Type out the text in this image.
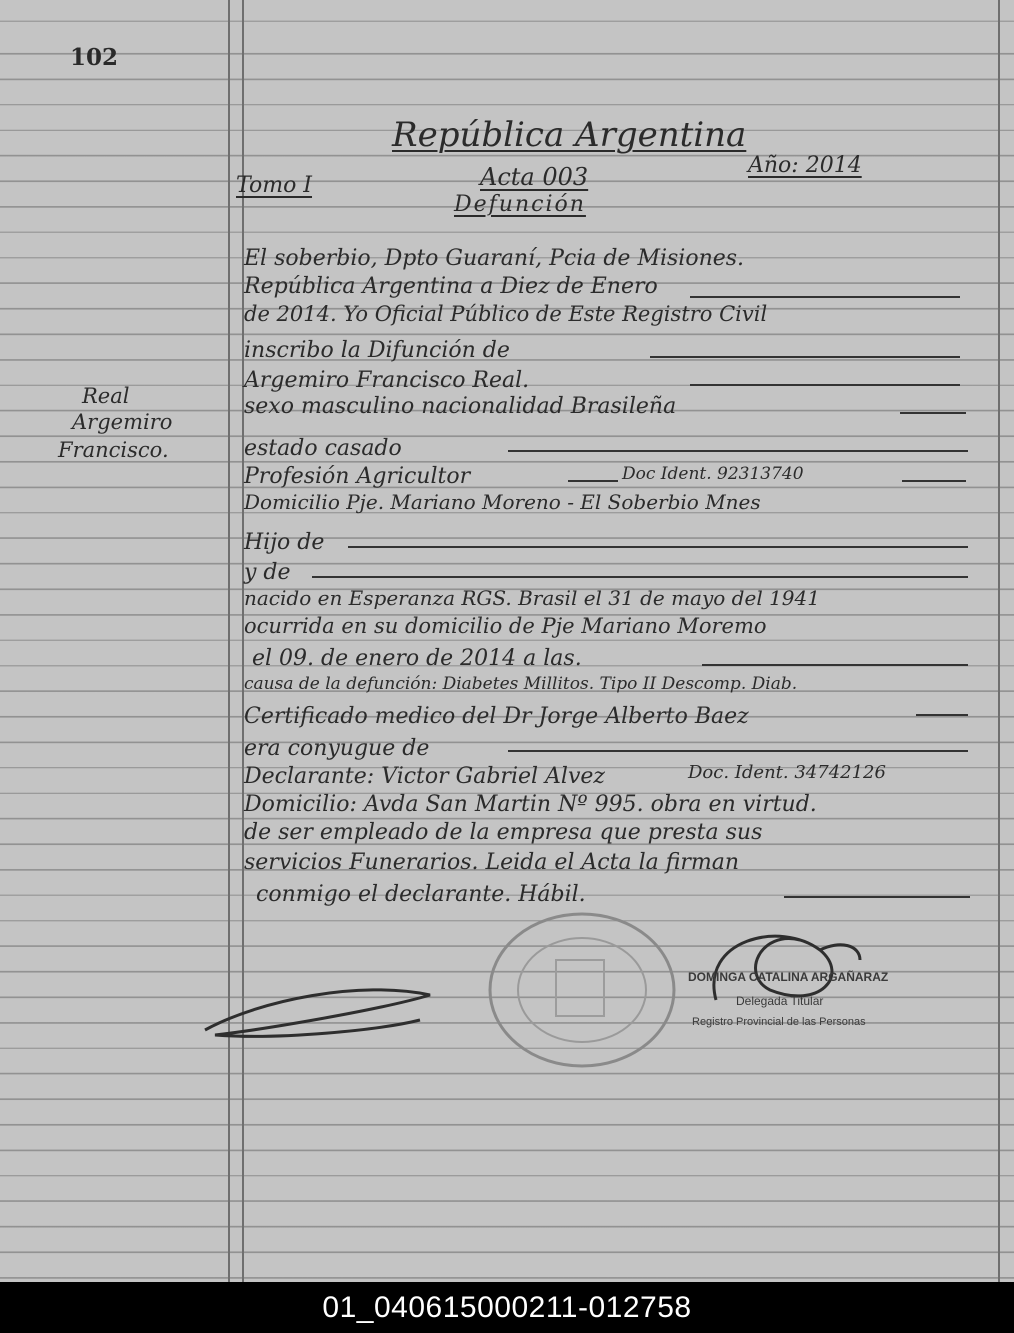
102
República Argentina
Tomo I	Acta 003	Año: 2014
Defunción
Real
Argemiro
Francisco.
El soberbio, Dpto Guaraní, Pcia de Misiones.
República Argentina a Diez de Enero
de 2014. Yo Oficial Público de Este Registro Civil
inscribo la Difunción de
Argemiro Francisco Real.
sexo masculino nacionalidad Brasileña
estado casado
Profesión Agricultor	Doc Ident. 92313740
Domicilio Pje. Mariano Moreno - El Soberbio Mnes
Hijo de
y de
nacido en Esperanza RGS. Brasil el 31 de mayo del 1941
ocurrida en su domicilio de Pje Mariano Moremo
el 09. de enero de 2014 a las.
causa de la defunción: Diabetes Millitos. Tipo II Descomp. Diab.
Certificado medico del Dr Jorge Alberto Baez
era conyugue de
Declarante: Victor Gabriel Alvez	Doc. Ident. 34742126
Domicilio: Avda San Martin Nº 995. obra en virtud.
de ser empleado de la empresa que presta sus
servicios Funerarios. Leida el Acta la firman
conmigo el declarante. Hábil.
DOMINGA CATALINA ARGAÑARAZ
Delegada Titular
Registro Provincial de las Personas
01_040615000211-012758
